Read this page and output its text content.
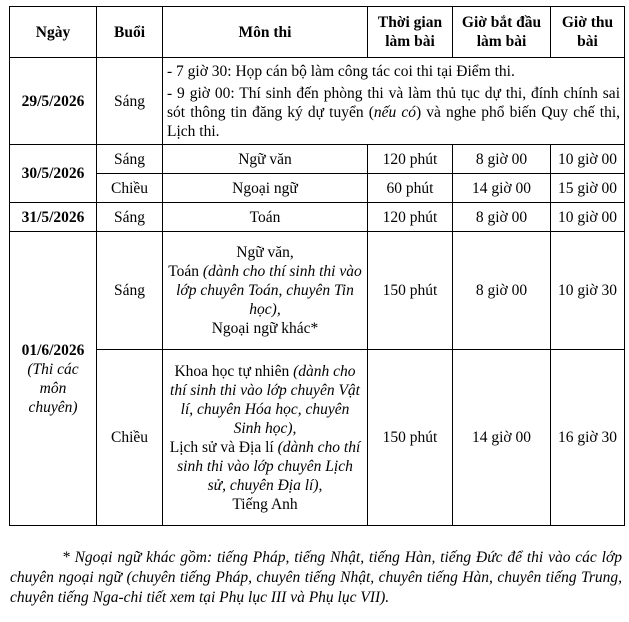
Ngày	Buổi	Môn thi	Thời gian làm bài	Giờ bắt đầu làm bài	Giờ thu bài
29/5/2026	Sáng	- 7 giờ 30: Họp cán bộ làm công tác coi thi tại Điểm thi.

- 9 giờ 00: Thí sinh đến phòng thi và làm thủ tục dự thi, đính chính sai sót thông tin đăng ký dự tuyển (nếu có) và nghe phổ biến Quy chế thi, Lịch thi.			

30/5/2026	Sáng	Ngữ văn	120 phút	8 giờ 00	10 giờ 00
	Chiều	Ngoại ngữ	60 phút	14 giờ 00	15 giờ 00
31/5/2026	Sáng	Toán	120 phút	8 giờ 00	10 giờ 00
01/6/2026
(Thi các môn chuyên)	Sáng	Ngữ văn,
Toán (dành cho thí sinh thi vào lớp chuyên Toán, chuyên Tin học),
Ngoại ngữ khác*	150 phút	8 giờ 00	10 giờ 30
	Chiều	Khoa học tự nhiên (dành cho thí sinh thi vào lớp chuyên Vật lí, chuyên Hóa học, chuyên Sinh học),
Lịch sử và Địa lí (dành cho thí sinh thi vào lớp chuyên Lịch sử, chuyên Địa lí),
Tiếng Anh	150 phút	14 giờ 00	16 giờ 30

* Ngoại ngữ khác gồm: tiếng Pháp, tiếng Nhật, tiếng Hàn, tiếng Đức để thi vào các lớp chuyên ngoại ngữ (chuyên tiếng Pháp, chuyên tiếng Nhật, chuyên tiếng Hàn, chuyên tiếng Trung, chuyên tiếng Nga-chi tiết xem tại Phụ lục III và Phụ lục VII).
